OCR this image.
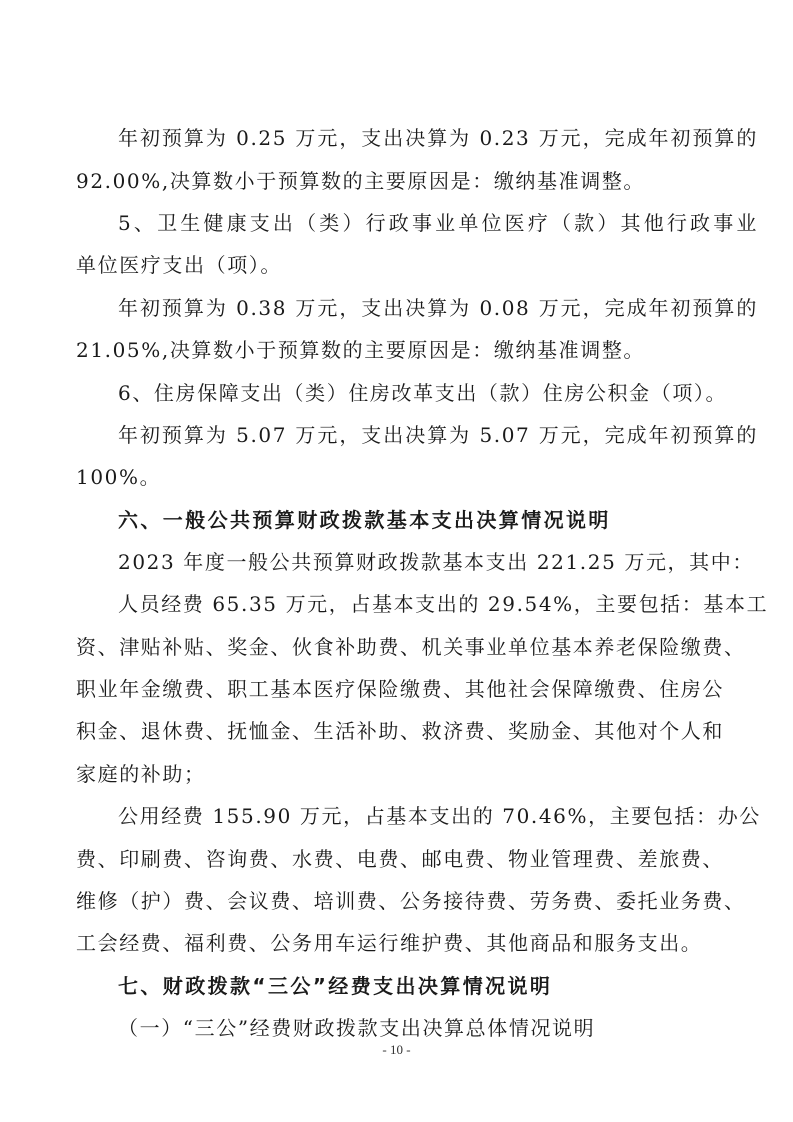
年初预算为 0.25 万元，支出决算为 0.23 万元，完成年初预算的

92.00%,决算数小于预算数的主要原因是：缴纳基准调整。

5、卫生健康支出（类）行政事业单位医疗（款）其他行政事业

单位医疗支出（项）。

年初预算为 0.38 万元，支出决算为 0.08 万元，完成年初预算的

21.05%,决算数小于预算数的主要原因是：缴纳基准调整。

6、住房保障支出（类）住房改革支出（款）住房公积金（项）。

年初预算为 5.07 万元，支出决算为 5.07 万元，完成年初预算的

100%。

六、一般公共预算财政拨款基本支出决算情况说明

2023 年度一般公共预算财政拨款基本支出 221.25 万元，其中：

人员经费 65.35 万元，占基本支出的 29.54%，主要包括：基本工

资、津贴补贴、奖金、伙食补助费、机关事业单位基本养老保险缴费、

职业年金缴费、职工基本医疗保险缴费、其他社会保障缴费、住房公

积金、退休费、抚恤金、生活补助、救济费、奖励金、其他对个人和

家庭的补助；

公用经费 155.90 万元，占基本支出的 70.46%，主要包括：办公

费、印刷费、咨询费、水费、电费、邮电费、物业管理费、差旅费、

维修（护）费、会议费、培训费、公务接待费、劳务费、委托业务费、

工会经费、福利费、公务用车运行维护费、其他商品和服务支出。

七、财政拨款“三公”经费支出决算情况说明

（一）“三公”经费财政拨款支出决算总体情况说明

- 10 -
